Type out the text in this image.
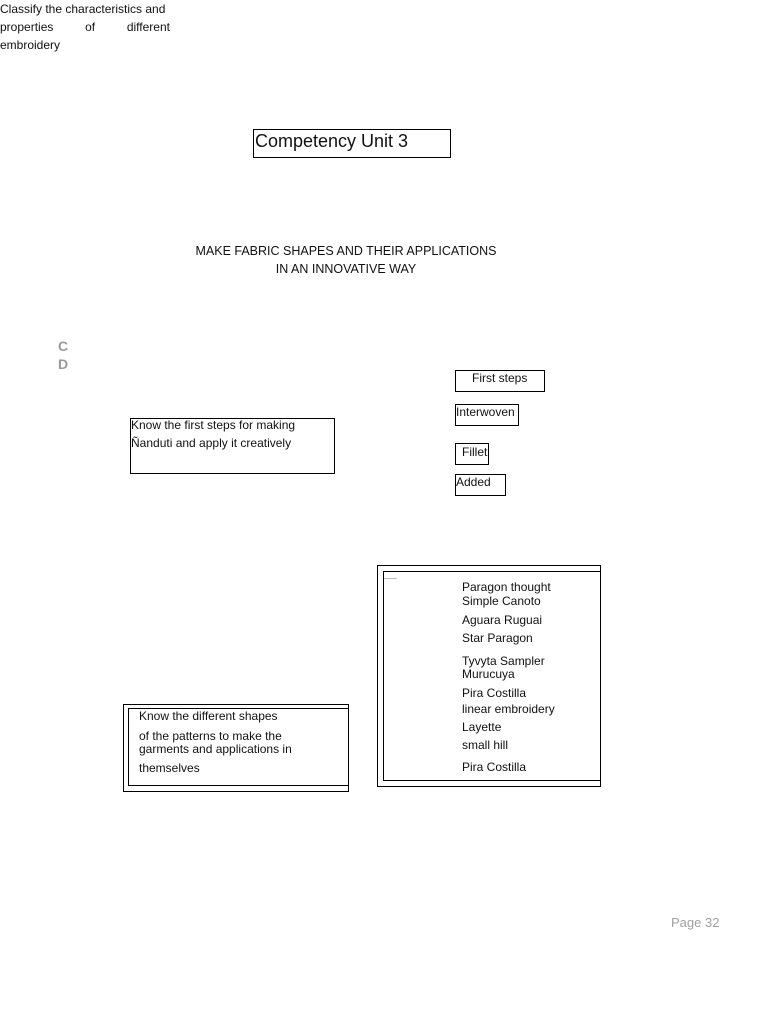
Competency Unit 3
MAKE FABRIC SHAPES AND THEIR APPLICATIONS
IN AN INNOVATIVE WAY
C
D
Know the first steps for making
Ñanduti and apply it creatively
First steps
Interwoven
Fillet
Added
Classify the characteristics and
properties	of	different
embroidery
Know the different shapes
of the patterns to make the
garments and applications in
themselves
Paragon thought
Simple Canoto
Aguara Ruguai
Star Paragon
Tyvyta Sampler
Murucuya
Pira Costilla
linear embroidery
Layette
small hill
Pira Costilla
Page 32
